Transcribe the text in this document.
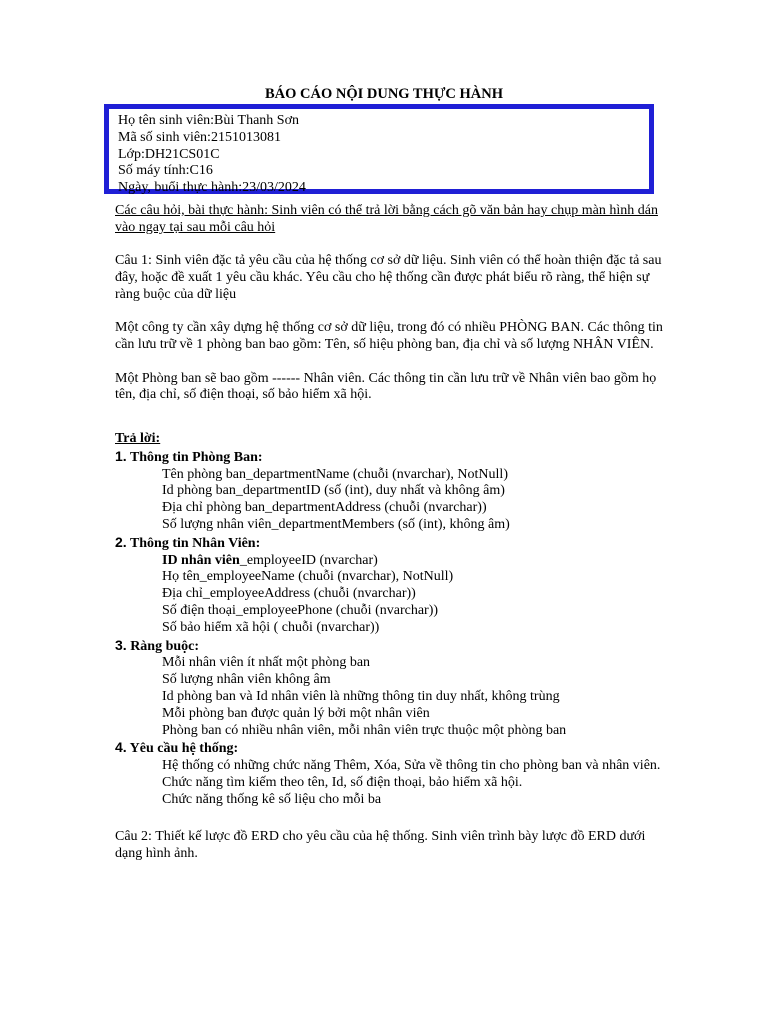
BÁO CÁO NỘI DUNG THỰC HÀNH
Họ tên sinh viên:Bùi Thanh Sơn
Mã số sinh viên:2151013081
Lớp:DH21CS01C
Số máy tính:C16
Ngày, buổi thực hành:23/03/2024

Các câu hỏi, bài thực hành: Sinh viên có thể trả lời bằng cách gõ văn bản hay chụp màn hình dán vào ngay tại sau mỗi câu hỏi

Câu 1: Sinh viên đặc tả yêu cầu của hệ thống cơ sở dữ liệu. Sinh viên có thể hoàn thiện đặc tả sau đây, hoặc đề xuất 1 yêu cầu khác. Yêu cầu cho hệ thống cần được phát biểu rõ ràng, thể hiện sự ràng buộc của dữ liệu

Một công ty cần xây dựng hệ thống cơ sở dữ liệu, trong đó có nhiều PHÒNG BAN. Các thông tin cần lưu trữ về 1 phòng ban bao gồm: Tên, số hiệu phòng ban, địa chỉ và số lượng NHÂN VIÊN.

Một Phòng ban sẽ bao gồm ------ Nhân viên. Các thông tin cần lưu trữ về Nhân viên bao gồm họ tên, địa chỉ, số điện thoại, số bảo hiểm xã hội.

Trả lời:

1. Thông tin Phòng Ban:
Tên phòng ban_departmentName (chuỗi (nvarchar), NotNull)
Id phòng ban_departmentID (số (int), duy nhất và không âm)
Địa chỉ phòng ban_departmentAddress (chuỗi (nvarchar))
Số lượng nhân viên_departmentMembers (số (int), không âm)
2. Thông tin Nhân Viên:
ID nhân viên_employeeID (nvarchar)
Họ tên_employeeName (chuỗi (nvarchar), NotNull)
Địa chỉ_employeeAddress (chuỗi (nvarchar))
Số điện thoại_employeePhone (chuỗi (nvarchar))
Số bảo hiểm xã hội ( chuỗi (nvarchar))
3. Ràng buộc:
Mỗi nhân viên ít nhất một phòng ban
Số lượng nhân viên không âm
Id phòng ban và Id nhân viên là những thông tin duy nhất, không trùng
Mỗi phòng ban được quản lý bởi một nhân viên
Phòng ban có nhiều nhân viên, mỗi nhân viên trực thuộc một phòng ban
4. Yêu cầu hệ thống:
Hệ thống có những chức năng Thêm, Xóa, Sửa về thông tin cho phòng ban và nhân viên.
Chức năng tìm kiếm theo tên, Id, số điện thoại, bảo hiểm xã hội.
Chức năng thống kê số liệu cho mỗi ba

Câu 2: Thiết kế lược đồ ERD cho yêu cầu của hệ thống. Sinh viên trình bày lược đồ ERD dưới dạng hình ảnh.
